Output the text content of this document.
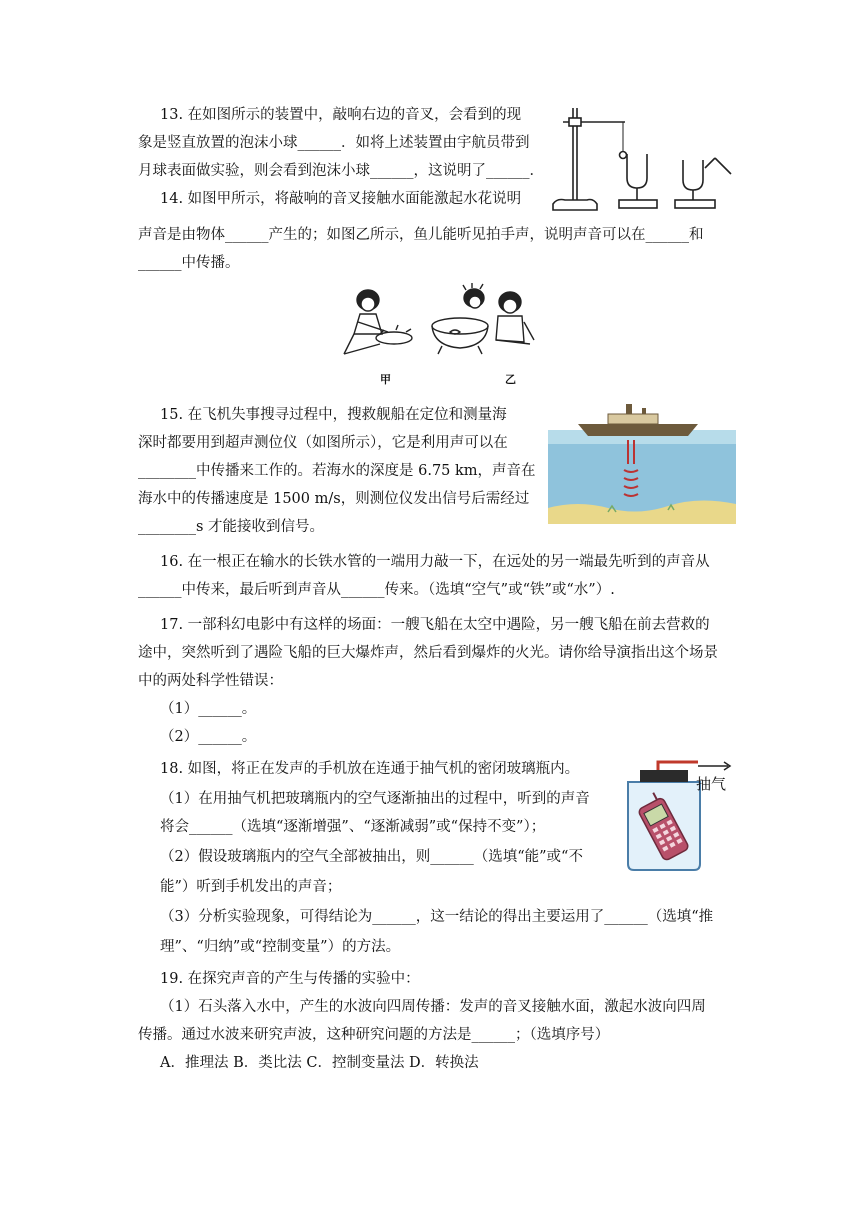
13. 在如图所示的装置中，敲响右边的音叉，会看到的现
象是竖直放置的泡沫小球______．如将上述装置由宇航员带到
月球表面做实验，则会看到泡沫小球______，这说明了______．
14. 如图甲所示，将敲响的音叉接触水面能激起水花说明
声音是由物体______产生的；如图乙所示，鱼儿能听见拍手声，说明声音可以在______和
______中传播。
甲	乙
15. 在飞机失事搜寻过程中，搜救舰船在定位和测量海
深时都要用到超声测位仪（如图所示），它是利用声可以在
________中传播来工作的。若海水的深度是 6.75 km，声音在
海水中的传播速度是 1500 m/s，则测位仪发出信号后需经过
________s 才能接收到信号。
16. 在一根正在输水的长铁水管的一端用力敲一下，在远处的另一端最先听到的声音从
______中传来，最后听到声音从______传来。（选填“空气”或“铁”或“水”）.
17. 一部科幻电影中有这样的场面：一艘飞船在太空中遇险，另一艘飞船在前去营救的
途中，突然听到了遇险飞船的巨大爆炸声，然后看到爆炸的火光。请你给导演指出这个场景
中的两处科学性错误：
（1）______。
（2）______。
18. 如图，将正在发声的手机放在连通于抽气机的密闭玻璃瓶内。
（1）在用抽气机把玻璃瓶内的空气逐渐抽出的过程中，听到的声音
将会______（选填“逐渐增强”、“逐渐减弱”或“保持不变”）；
（2）假设玻璃瓶内的空气全部被抽出，则______（选填“能”或“不
能”）听到手机发出的声音；
（3）分析实验现象，可得结论为______，这一结论的得出主要运用了______（选填“推
理”、“归纳”或“控制变量”）的方法。
抽气
19. 在探究声音的产生与传播的实验中：
（1）石头落入水中，产生的水波向四周传播：发声的音叉接触水面，激起水波向四周
传播。通过水波来研究声波，这种研究问题的方法是______；（选填序号）
A．推理法 B．类比法 C．控制变量法 D．转换法
